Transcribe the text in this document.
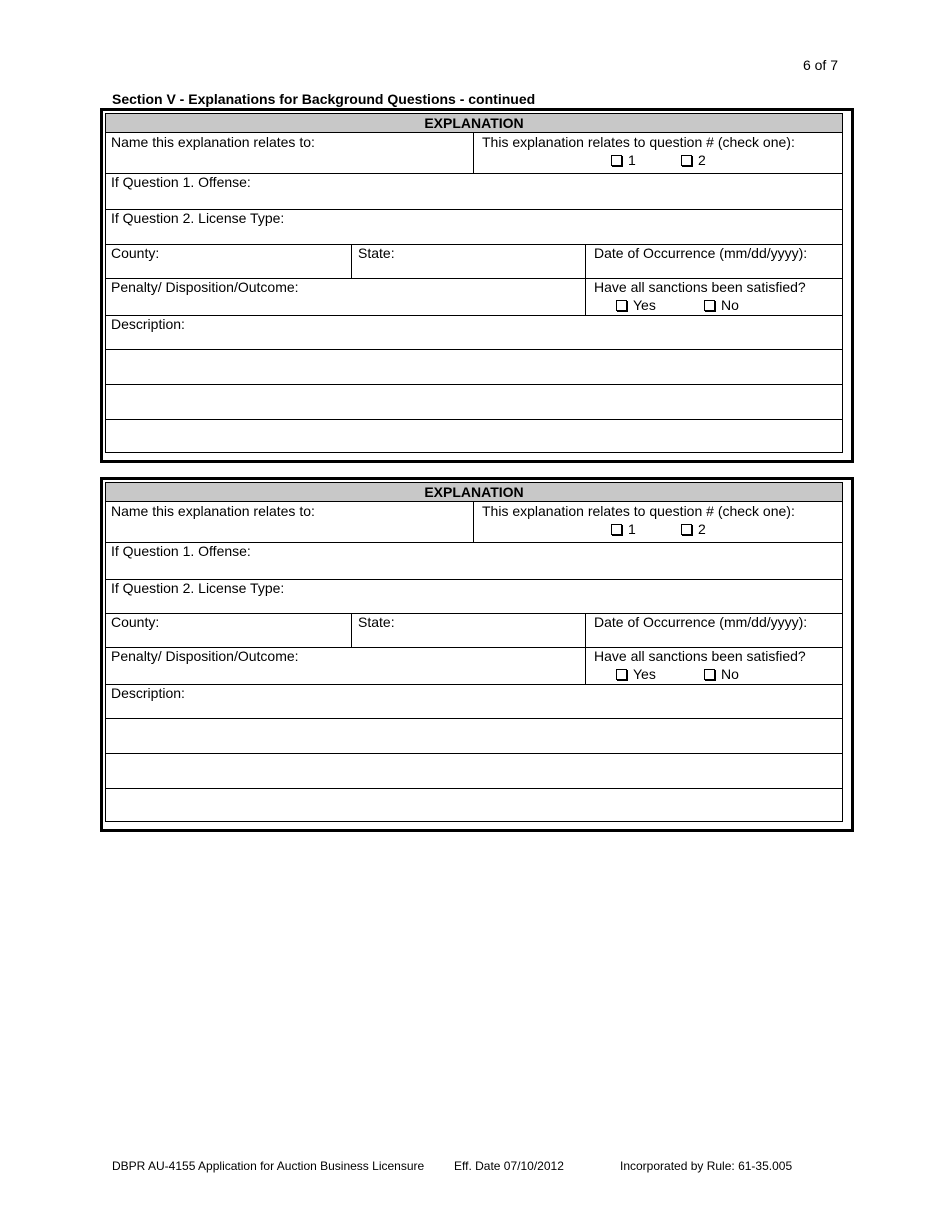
6 of 7
Section V - Explanations for Background Questions - continued
EXPLANATION
Name this explanation relates to:	This explanation relates to question # (check one):
1	2
If Question 1. Offense:
If Question 2. License Type:
County:	State:	Date of Occurrence (mm/dd/yyyy):
Penalty/ Disposition/Outcome:	Have all sanctions been satisfied?
Yes	No
Description:
EXPLANATION
Name this explanation relates to:	This explanation relates to question # (check one):
1	2
If Question 1. Offense:
If Question 2. License Type:
County:	State:	Date of Occurrence (mm/dd/yyyy):
Penalty/ Disposition/Outcome:	Have all sanctions been satisfied?
Yes	No
Description:
DBPR AU-4155 Application for Auction Business Licensure Eff. Date 07/10/2012	Incorporated by Rule: 61-35.005
